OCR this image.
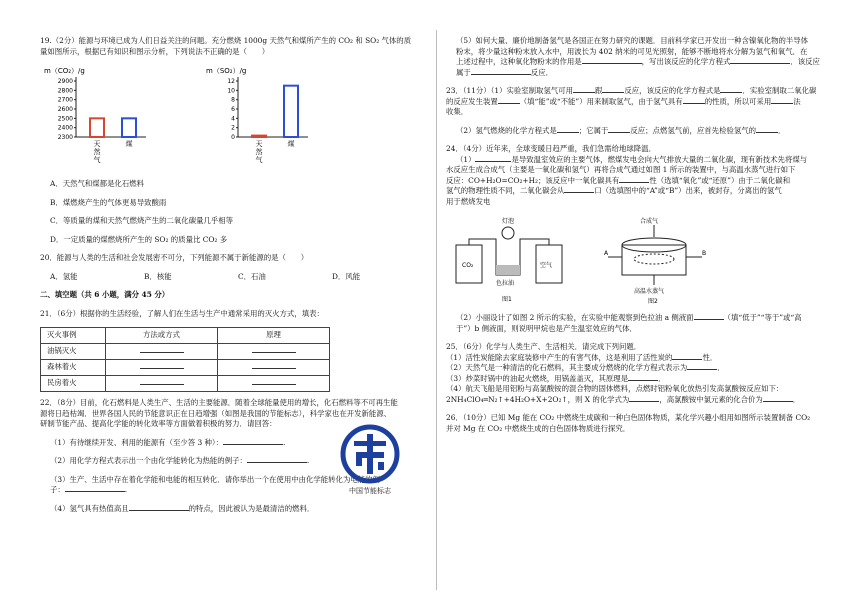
19.（2分）能源与环境已成为人们日益关注的问题。充分燃烧 1000g 天然气和煤所产生的 CO₂ 和 SO₂ 气体的质
量如图所示，根据已有知识和图示分析，下列说法不正确的是（　　）

m（CO₂）/g
2300
2400
2500
2600
2700
2800
2900
天然气
煤
m（SO₂）/g
0
2
4
6
8
10
12
天然气
煤

A．天然气和煤都是化石燃料

B．煤燃烧产生的气体更易导致酸雨

C．等质量的煤和天然气燃烧产生的二氧化碳量几乎相等

D．一定质量的煤燃烧所产生的 SO₂ 的质量比 CO₂ 多

20．能源与人类的生活和社会发展密不可分，下列能源不属于新能源的是（　　）

A．氢能	B．核能	C．石油	D．风能

二、填空题（共 6 小题，满分 45 分）

21．（6分）根据你的生活经验，了解人们在生活与生产中通常采用的灭火方式，填表：

灭火事例	方法或方式	原理
油锅灭火		
森林着火		
民房着火		

22．（8分）目前，化石燃料是人类生产、生活的主要能源．随着全球能量使用的增长，化石燃料等不可再生能
源将日趋枯竭．世界各国人民的节能意识正在日趋增强（如图是我国的节能标志），科学家也在开发新能源、
研制节能产品、提高化学能的转化效率等方面做着积极的努力．请回答：

（1）有待继续开发、利用的能源有（至少答 3 种）：	.

（2）用化学方程式表示出一个由化学能转化为热能的例子：	.

（3）生产、生活中存在着化学能和电能的相互转化．请你举出一个在使用中由化学能转化为电能的例
子：	.

（4）氢气具有热值高且	的特点，因此被认为是最清洁的燃料．

中国节能标志

（5）如何大量、廉价地制备氢气是各国正在努力研究的课题．目前科学家已开发出一种含镍氧化物的半导体
粉末，将少量这种粉末放入水中，用波长为 402 纳米的可见光照射，能够不断地将水分解为氢气和氧气．在
上述过程中，这种氧化物粉末的作用是	，写出该反应的化学方程式	．该反应
属于	反应．

23．（11分）（1）实验室制取氢气可用	跟	反应，该反应的化学方程式是	．实验室制取二氧化碳
的反应发生装置	（填“能”或“不能”）用来制取氢气，由于氢气具有	的性质，所以可采用	法
收集．

（2）氢气燃烧的化学方程式是	；它属于	反应；点燃氢气前，应首先检验氢气的	．

24．（4分）近年来，全球变暖日趋严重，我们急需给地球降温．
（1）	是导致温室效应的主要气体，燃煤发电会向大气排放大量的二氧化碳，现有新技术先将煤与
水反应生成合成气（主要是一氧化碳和氢气）再将合成气通过如图 1 所示的装置中，与高温水蒸气进行如下
反应：CO+H₂O=CO₂+H₂；该反应中一氧化碳具有	性（选填“氧化”或“还原”）由于二氧化碳和
氢气的物理性质不同，二氧化碳会从	口（选填图中的“A”或“B”）出来，被封存，分离出的氢气
用于燃烧发电

灯泡
CO₂	空气
色拉油
图1
合成气
A	B
高温水蒸气
图2

（2）小丽设计了如图 2 所示的实验，在实验中能观察到色拉油 a 侧液面	（填“低于”“等于”或“高
于”）b 侧液面，则说明甲烷也是产生温室效应的气体．

25．（6分）化学与人类生产、生活相关．请完成下列问题．
（1）活性炭能除去家庭装修中产生的有害气体，这是利用了活性炭的	性．
（2）天然气是一种清洁的化石燃料，其主要成分燃烧的化学方程式表示为	．
（3）炒菜时锅中的油起火燃烧，用锅盖盖灭，其原理是	．
（4）航天飞船是用铝粉与高氯酸铵的混合物的固体燃料，点燃时铝粉氧化放热引发高氯酸铵反应如下：
2NH₄ClO₄═N₂↑+4H₂O+X+2O₂↑，则 X 的化学式为	，高氯酸铵中氯元素的化合价为	．

26．（10分）已知 Mg 能在 CO₂ 中燃烧生成碳和一种白色固体物质，某化学兴趣小组用如图所示装置制备 CO₂
并对 Mg 在 CO₂ 中燃烧生成的白色固体物质进行探究．
